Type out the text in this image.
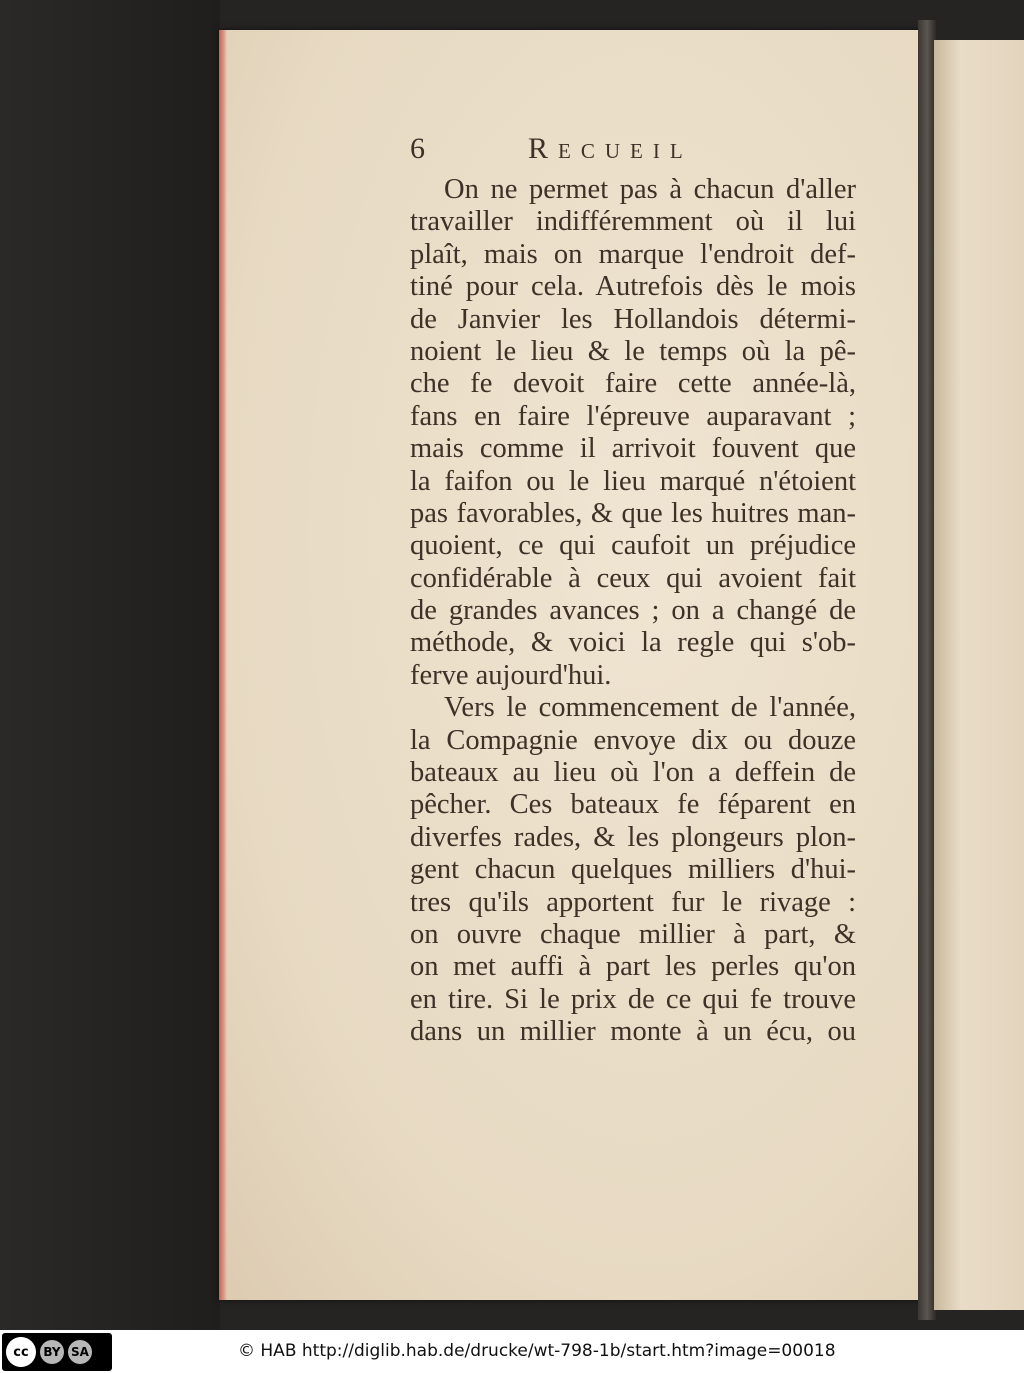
6	Recueil
On ne permet pas à chacun d'aller
travailler indifféremment où il lui
plaît, mais on marque l'endroit def-
tiné pour cela. Autrefois dès le mois
de Janvier les Hollandois détermi-
noient le lieu & le temps où la pê-
che fe devoit faire cette année-là,
fans en faire l'épreuve auparavant ;
mais comme il arrivoit fouvent que
la faifon ou le lieu marqué n'étoient
pas favorables, & que les huitres man-
quoient, ce qui caufoit un préjudice
confidérable à ceux qui avoient fait
de grandes avances ; on a changé de
méthode, & voici la regle qui s'ob-
ferve aujourd'hui.
Vers le commencement de l'année,
la Compagnie envoye dix ou douze
bateaux au lieu où l'on a deffein de
pêcher. Ces bateaux fe féparent en
diverfes rades, & les plongeurs plon-
gent chacun quelques milliers d'hui-
tres qu'ils apportent fur le rivage :
on ouvre chaque millier à part, &
on met auffi à part les perles qu'on
en tire. Si le prix de ce qui fe trouve
dans un millier monte à un écu, ou
cc	BY SA	© HAB http://diglib.hab.de/drucke/wt-798-1b/start.htm?image=00018
